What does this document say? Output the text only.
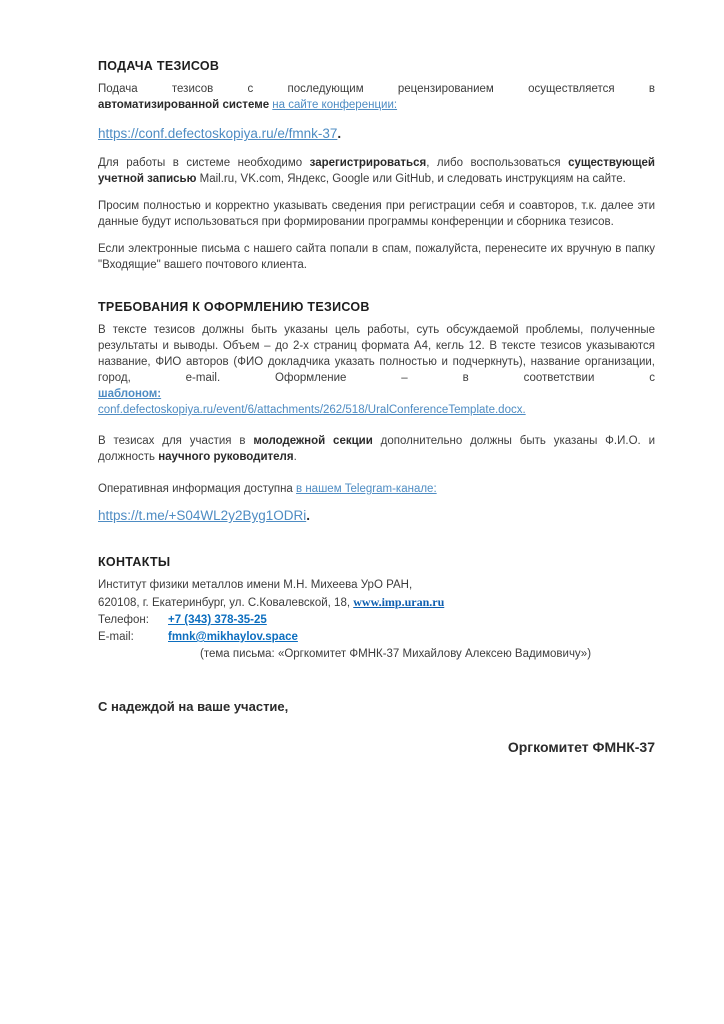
ПОДАЧА ТЕЗИСОВ

Подача тезисов с последующим рецензированием осуществляется в
автоматизированной системе на сайте конференции:

https://conf.defectoskopiya.ru/e/fmnk-37.

Для работы в системе необходимо зарегистрироваться, либо воспользоваться существующей учетной записью Mail.ru, VK.com, Яндекс, Google или GitHub, и следовать инструкциям на сайте.

Просим полностью и корректно указывать сведения при регистрации себя и соавторов, т.к. далее эти данные будут использоваться при формировании программы конференции и сборника тезисов.

Если электронные письма с нашего сайта попали в спам, пожалуйста, перенесите их вручную в папку "Входящие" вашего почтового клиента.

ТРЕБОВАНИЯ К ОФОРМЛЕНИЮ ТЕЗИСОВ

В тексте тезисов должны быть указаны цель работы, суть обсуждаемой проблемы, полученные результаты и выводы. Объем – до 2-х страниц формата А4, кегль 12. В тексте тезисов указываются название, ФИО авторов (ФИО докладчика указать полностью и подчеркнуть), название организации, город, e-mail. Оформление – в соответствии с
шаблоном:
conf.defectoskopiya.ru/event/6/attachments/262/518/UralConferenceTemplate.docx.

В тезисах для участия в молодежной секции дополнительно должны быть указаны Ф.И.О. и должность научного руководителя.

Оперативная информация доступна в нашем Telegram-канале:

https://t.me/+S04WL2y2Byg1ODRi.

КОНТАКТЫ
Институт физики металлов имени М.Н. Михеева УрО РАН,
620108, г. Екатеринбург, ул. С.Ковалевской, 18, www.imp.uran.ru
Телефон: +7 (343) 378-35-25
E-mail:	fmnk@mikhaylov.space
(тема письма: «Оргкомитет ФМНК-37 Михайлову Алексею Вадимовичу»)
С надеждой на ваше участие,
Оргкомитет ФМНК-37
